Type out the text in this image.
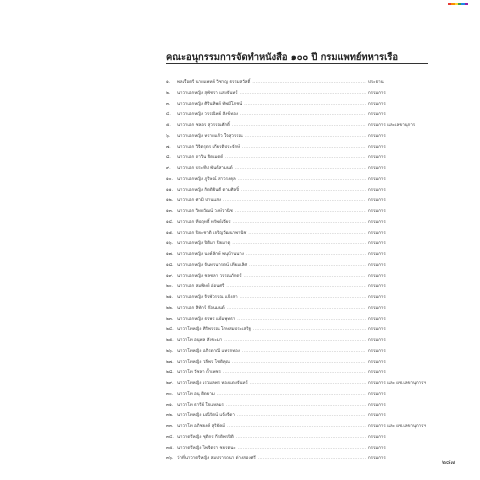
คณะอนุกรรมการจัดทำหนังสือ ๑๐๐ ปี กรมแพทย์ทหารเรือ
๑.	พลเรือตรี นายแพทย์ วิชาญ ธรรมสวัสดิ์ .....	ประธาน
๒.	นาวาเอกหญิง สุพัชรา แสงจันทร์ .....	กรรมการ
๓.	นาวาเอกหญิง ศิรินทิพย์ ทัพมีโภชน์ .....	กรรมการ
๔.	นาวาเอกหญิง วรรณิพย์ สังข์ทอง .....	กรรมการ
๕.	นาวาเอก ชลอร สุวรรณศักดิ์ .....	กรรมการ และเลขานุการ
๖.	นาวาเอกหญิง ทรายแก้ว ใจสุวรรณ .....	กรรมการ
๗.	นาวาเอก วิจิตรุตร เกียรติประจักษ์ .....	กรรมการ
๘.	นาวาเอก ถาวิน จิตเมตต์ .....	กรรมการ
๙.	นาวาเอก ประทีป พันธ์สามนต์ .....	กรรมการ
๑๐. นาวาเอกหญิง ภูริษณ์ สาวรงคุล .....	กรรมการ
๑๑. นาวาเอกหญิง กิตติยินดี ตามศิลปิ์ .....	กรรมการ
๑๒. นาวาเอก ศามิ ปานแสง .....	กรรมการ
๑๓. นาวาเอก วิทยวัฒน์ วงษ์วานิช .....	กรรมการ
๑๔. นาวาเอก ทีปฤทธิ์ ทรัพย์เจียร .....	กรรมการ
๑๕. นาวาเอก ปิยะชาติ เจริญวัฒนาพานิช .....	กรรมการ
๑๖. นาวาเอกหญิง ปิติมา ปิยมาตุ .....	กรรมการ
๑๗. นาวาเอกหญิง นงค์ลักษ์ พนุบ้านนาง .....	กรรมการ
๑๘. นาวาเอกหญิง จันทรนารตน์ เทียมเลิศ .....	กรรมการ
๑๙. นาวาเอกหญิง ชลชลา วรรณภักตร์ .....	กรรมการ
๒๐. นาวาเอก สมพิษย์ อ่อนศรี .....	กรรมการ
๒๑. นาวาเอกหญิง จิรพัวรรณ แจ้งสา .....	กรรมการ
๒๒. นาวาเอก สิทักร์ ก๊อนมนต์ .....	กรรมการ
๒๓. นาวาเอกหญิง ธรพร แย้มพุทธา .....	กรรมการ
๒๔. นาวาโทหญิง ศิริพรรณ โกษสมประเสริฐ .....	กรรมการ
๒๕. นาวาโท อนุพล สังขะมา .....	กรรมการ
๒๖. นาวาโทหญิง อภิรดาณี แทรกทอง .....	กรรมการ
๒๗. นาวาโทหญิง วลีพร โชติคุณ .....	กรรมการ
๒๘. นาวาโท วัชลา ถ้ำเพชร .....	กรรมการ
๒๙. นาวาโทหญิง เรวมลพร ทองแดงจันทร์ .....	กรรมการ และ ผช.เลขานุการฯ
๓๐. นาวาโท อนุ ติดยาม .....	กรรมการ
๓๑. นาวาโท ธารีย์ ใจแหลมร .....	กรรมการ
๓๒. นาวาโทหญิง มณีรัตน์ แจ้งจีดา .....	กรรมการ
๓๓. นาวาโท อภิชยงค์ สุริยัคม์ .....	กรรมการ และ ผช.เลขานุการฯ
๓๔. นาวาตรีหญิง ชุติกร กีรติพรปิติ .....	กรรมการ
๓๕. นาวาตรีหญิง ไพจิตรา ชยรตนะ .....	กรรมการ
๓๖. ว่าที่นาวาตรีหญิง สมปรารถนา ต่างสองศรี .....	กรรมการ
๒๘๗
